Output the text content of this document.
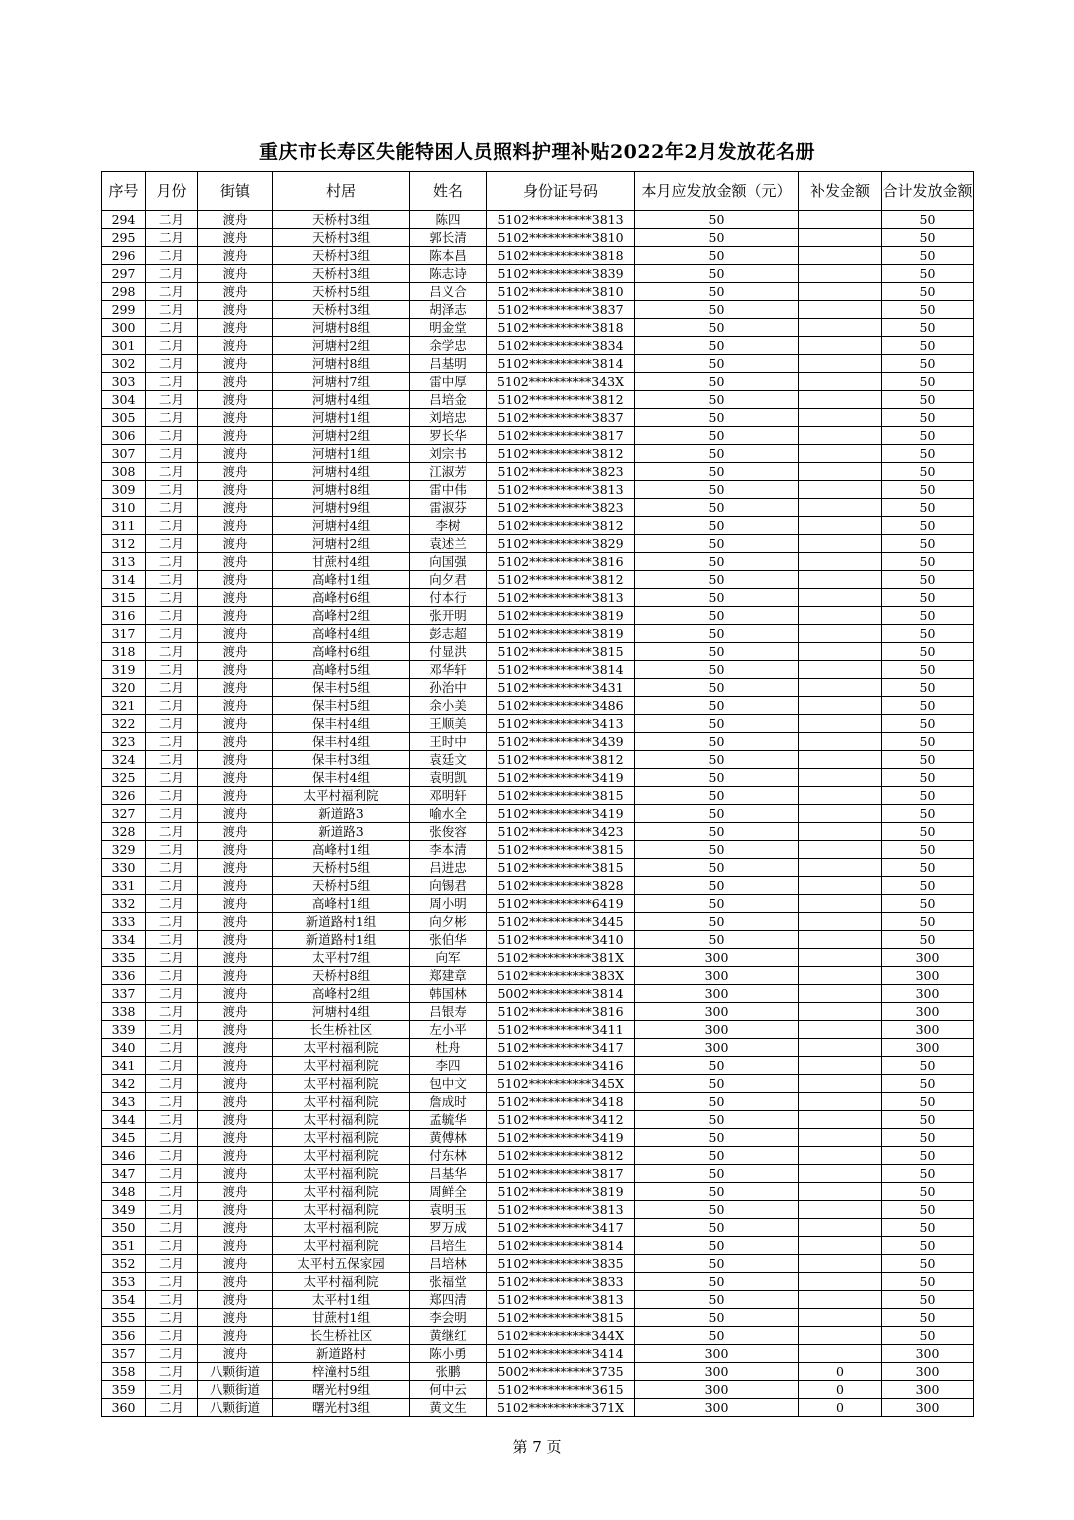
重庆市长寿区失能特困人员照料护理补贴2022年2月发放花名册
序号	月份	街镇	村居	姓名	身份证号码	本月应发放金额（元）	补发金额	合计发放金额
294	二月	渡舟	天桥村3组	陈四	5102**********3813	50		50
295	二月	渡舟	天桥村3组	郭长清	5102**********3810	50		50
296	二月	渡舟	天桥村3组	陈本昌	5102**********3818	50		50
297	二月	渡舟	天桥村3组	陈志诗	5102**********3839	50		50
298	二月	渡舟	天桥村5组	吕义合	5102**********3810	50		50
299	二月	渡舟	天桥村3组	胡泽志	5102**********3837	50		50
300	二月	渡舟	河塘村8组	明金堂	5102**********3818	50		50
301	二月	渡舟	河塘村2组	余学忠	5102**********3834	50		50
302	二月	渡舟	河塘村8组	吕基明	5102**********3814	50		50
303	二月	渡舟	河塘村7组	雷中厚	5102**********343X	50		50
304	二月	渡舟	河塘村4组	吕培金	5102**********3812	50		50
305	二月	渡舟	河塘村1组	刘培忠	5102**********3837	50		50
306	二月	渡舟	河塘村2组	罗长华	5102**********3817	50		50
307	二月	渡舟	河塘村1组	刘宗书	5102**********3812	50		50
308	二月	渡舟	河塘村4组	江淑芳	5102**********3823	50		50
309	二月	渡舟	河塘村8组	雷中伟	5102**********3813	50		50
310	二月	渡舟	河塘村9组	雷淑芬	5102**********3823	50		50
311	二月	渡舟	河塘村4组	李树	5102**********3812	50		50
312	二月	渡舟	河塘村2组	袁述兰	5102**********3829	50		50
313	二月	渡舟	甘蔗村4组	向国强	5102**********3816	50		50
314	二月	渡舟	高峰村1组	向夕君	5102**********3812	50		50
315	二月	渡舟	高峰村6组	付本行	5102**********3813	50		50
316	二月	渡舟	高峰村2组	张开明	5102**********3819	50		50
317	二月	渡舟	高峰村4组	彭志超	5102**********3819	50		50
318	二月	渡舟	高峰村6组	付显洪	5102**********3815	50		50
319	二月	渡舟	高峰村5组	邓华轩	5102**********3814	50		50
320	二月	渡舟	保丰村5组	孙治中	5102**********3431	50		50
321	二月	渡舟	保丰村5组	余小美	5102**********3486	50		50
322	二月	渡舟	保丰村4组	王顺美	5102**********3413	50		50
323	二月	渡舟	保丰村4组	王时中	5102**********3439	50		50
324	二月	渡舟	保丰村3组	袁廷文	5102**********3812	50		50
325	二月	渡舟	保丰村4组	袁明凯	5102**********3419	50		50
326	二月	渡舟	太平村福利院	邓明轩	5102**********3815	50		50
327	二月	渡舟	新道路3	喻水全	5102**********3419	50		50
328	二月	渡舟	新道路3	张俊容	5102**********3423	50		50
329	二月	渡舟	高峰村1组	李本清	5102**********3815	50		50
330	二月	渡舟	天桥村5组	吕进忠	5102**********3815	50		50
331	二月	渡舟	天桥村5组	向锡君	5102**********3828	50		50
332	二月	渡舟	高峰村1组	周小明	5102**********6419	50		50
333	二月	渡舟	新道路村1组	向夕彬	5102**********3445	50		50
334	二月	渡舟	新道路村1组	张伯华	5102**********3410	50		50
335	二月	渡舟	太平村7组	向军	5102**********381X	300		300
336	二月	渡舟	天桥村8组	郑建章	5102**********383X	300		300
337	二月	渡舟	高峰村2组	韩国林	5002**********3814	300		300
338	二月	渡舟	河塘村4组	吕银寿	5102**********3816	300		300
339	二月	渡舟	长生桥社区	左小平	5102**********3411	300		300
340	二月	渡舟	太平村福利院	杜舟	5102**********3417	300		300
341	二月	渡舟	太平村福利院	李四	5102**********3416	50		50
342	二月	渡舟	太平村福利院	包中文	5102**********345X	50		50
343	二月	渡舟	太平村福利院	詹成时	5102**********3418	50		50
344	二月	渡舟	太平村福利院	孟毓华	5102**********3412	50		50
345	二月	渡舟	太平村福利院	黄傅林	5102**********3419	50		50
346	二月	渡舟	太平村福利院	付东林	5102**********3812	50		50
347	二月	渡舟	太平村福利院	吕基华	5102**********3817	50		50
348	二月	渡舟	太平村福利院	周鲜全	5102**********3819	50		50
349	二月	渡舟	太平村福利院	袁明玉	5102**********3813	50		50
350	二月	渡舟	太平村福利院	罗万成	5102**********3417	50		50
351	二月	渡舟	太平村福利院	吕培生	5102**********3814	50		50
352	二月	渡舟	太平村五保家园	吕培林	5102**********3835	50		50
353	二月	渡舟	太平村福利院	张福堂	5102**********3833	50		50
354	二月	渡舟	太平村1组	郑四清	5102**********3813	50		50
355	二月	渡舟	甘蔗村1组	李会明	5102**********3815	50		50
356	二月	渡舟	长生桥社区	黄继红	5102**********344X	50		50
357	二月	渡舟	新道路村	陈小勇	5102**********3414	300		300
358	二月	八颗街道	梓潼村5组	张鹏	5002**********3735	300	0	300
359	二月	八颗街道	曙光村9组	何中云	5102**********3615	300	0	300
360	二月	八颗街道	曙光村3组	黄文生	5102**********371X	300	0	300
第 7 页
